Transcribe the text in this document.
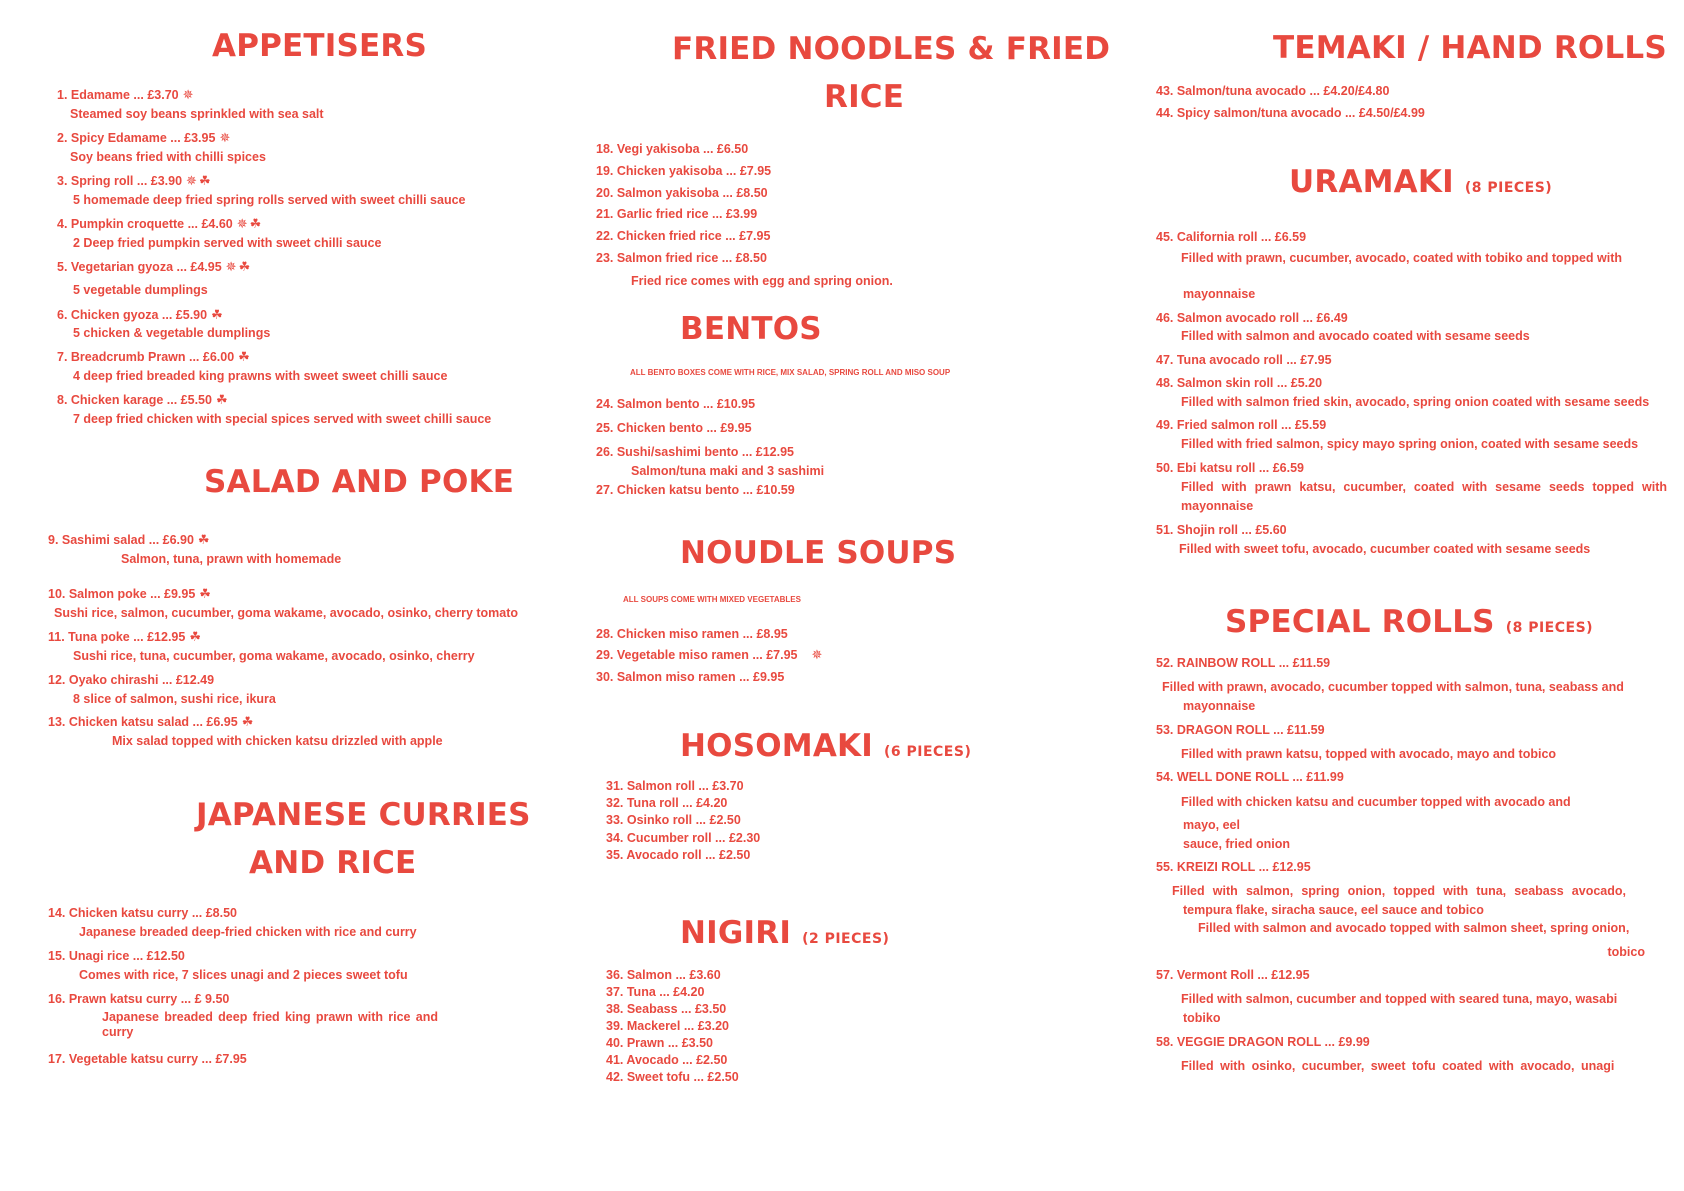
APPETISERS
1. Edamame ... £3.70 ✵
Steamed soy beans sprinkled with sea salt
2. Spicy Edamame ... £3.95 ✵
Soy beans fried with chilli spices
3. Spring roll ... £3.90 ✵ ☘
5 homemade deep fried spring rolls served with sweet chilli sauce
4. Pumpkin croquette ... £4.60 ✵ ☘
2 Deep fried pumpkin served with sweet chilli sauce
5. Vegetarian gyoza ... £4.95 ✵ ☘
5 vegetable dumplings
6. Chicken gyoza ... £5.90 ☘
5 chicken & vegetable dumplings
7. Breadcrumb Prawn ... £6.00 ☘
4 deep fried breaded king prawns with sweet sweet chilli sauce
8. Chicken karage ... £5.50 ☘
7 deep fried chicken with special spices served with sweet chilli sauce
SALAD AND POKE
9. Sashimi salad ... £6.90 ☘
Salmon, tuna, prawn with homemade
10. Salmon poke ... £9.95 ☘
Sushi rice, salmon, cucumber, goma wakame, avocado, osinko, cherry tomato
11. Tuna poke ... £12.95 ☘
Sushi rice, tuna, cucumber, goma wakame, avocado, osinko, cherry
12. Oyako chirashi ... £12.49
8 slice of salmon, sushi rice, ikura
13. Chicken katsu salad ... £6.95 ☘
Mix salad topped with chicken katsu drizzled with apple
JAPANESE CURRIES
AND RICE
14. Chicken katsu curry ... £8.50
Japanese breaded deep-fried chicken with rice and curry
15. Unagi rice ... £12.50
Comes with rice, 7 slices unagi and 2 pieces sweet tofu
16. Prawn katsu curry ... £ 9.50
Japanese breaded deep fried king prawn with rice and curry
17. Vegetable katsu curry ... £7.95
FRIED NOODLES & FRIED
RICE
18. Vegi yakisoba ... £6.50
19. Chicken yakisoba ... £7.95
20. Salmon yakisoba ... £8.50
21. Garlic fried rice ... £3.99
22. Chicken fried rice ... £7.95
23. Salmon fried rice ... £8.50
Fried rice comes with egg and spring onion.
BENTOS
ALL BENTO BOXES COME WITH RICE, MIX SALAD, SPRING ROLL AND MISO SOUP
24. Salmon bento ... £10.95
25. Chicken bento ... £9.95
26. Sushi/sashimi bento ... £12.95
Salmon/tuna maki and 3 sashimi
27. Chicken katsu bento ... £10.59
NOUDLE SOUPS
ALL SOUPS COME WITH MIXED VEGETABLES
28. Chicken miso ramen ... £8.95
29. Vegetable miso ramen ... £7.95 ✵
30. Salmon miso ramen ... £9.95
HOSOMAKI (6 PIECES)
31. Salmon roll ... £3.70
32. Tuna roll ... £4.20
33. Osinko roll ... £2.50
34. Cucumber roll ... £2.30
35. Avocado roll ... £2.50
NIGIRI (2 PIECES)
36. Salmon ... £3.60
37. Tuna ... £4.20
38. Seabass ... £3.50
39. Mackerel ... £3.20
40. Prawn ... £3.50
41. Avocado ... £2.50
42. Sweet tofu ... £2.50
TEMAKI / HAND ROLLS
43. Salmon/tuna avocado ... £4.20/£4.80
44. Spicy salmon/tuna avocado ... £4.50/£4.99
URAMAKI (8 PIECES)
45. California roll ... £6.59
Filled with prawn, cucumber, avocado, coated with tobiko and topped with
mayonnaise
46. Salmon avocado roll ... £6.49
Filled with salmon and avocado coated with sesame seeds
47. Tuna avocado roll ... £7.95
48. Salmon skin roll ... £5.20
Filled with salmon fried skin, avocado, spring onion coated with sesame seeds
49. Fried salmon roll ... £5.59
Filled with fried salmon, spicy mayo spring onion, coated with sesame seeds
50. Ebi katsu roll ... £6.59
Filled with prawn katsu, cucumber, coated with sesame seeds topped with
mayonnaise
51. Shojin roll ... £5.60
Filled with sweet tofu, avocado, cucumber coated with sesame seeds
SPECIAL ROLLS (8 PIECES)
52. RAINBOW ROLL ... £11.59
Filled with prawn, avocado, cucumber topped with salmon, tuna, seabass and
mayonnaise
53. DRAGON ROLL ... £11.59
Filled with prawn katsu, topped with avocado, mayo and tobico
54. WELL DONE ROLL ... £11.99
Filled with chicken katsu and cucumber topped with avocado and
mayo, eel
sauce, fried onion
55. KREIZI ROLL ... £12.95
Filled with salmon, spring onion, topped with tuna, seabass avocado,
tempura flake, siracha sauce, eel sauce and tobico
Filled with salmon and avocado topped with salmon sheet, spring onion,
tobico
57. Vermont Roll ... £12.95
Filled with salmon, cucumber and topped with seared tuna, mayo, wasabi
tobiko
58. VEGGIE DRAGON ROLL ... £9.99
Filled with osinko, cucumber, sweet tofu coated with avocado, unagi
